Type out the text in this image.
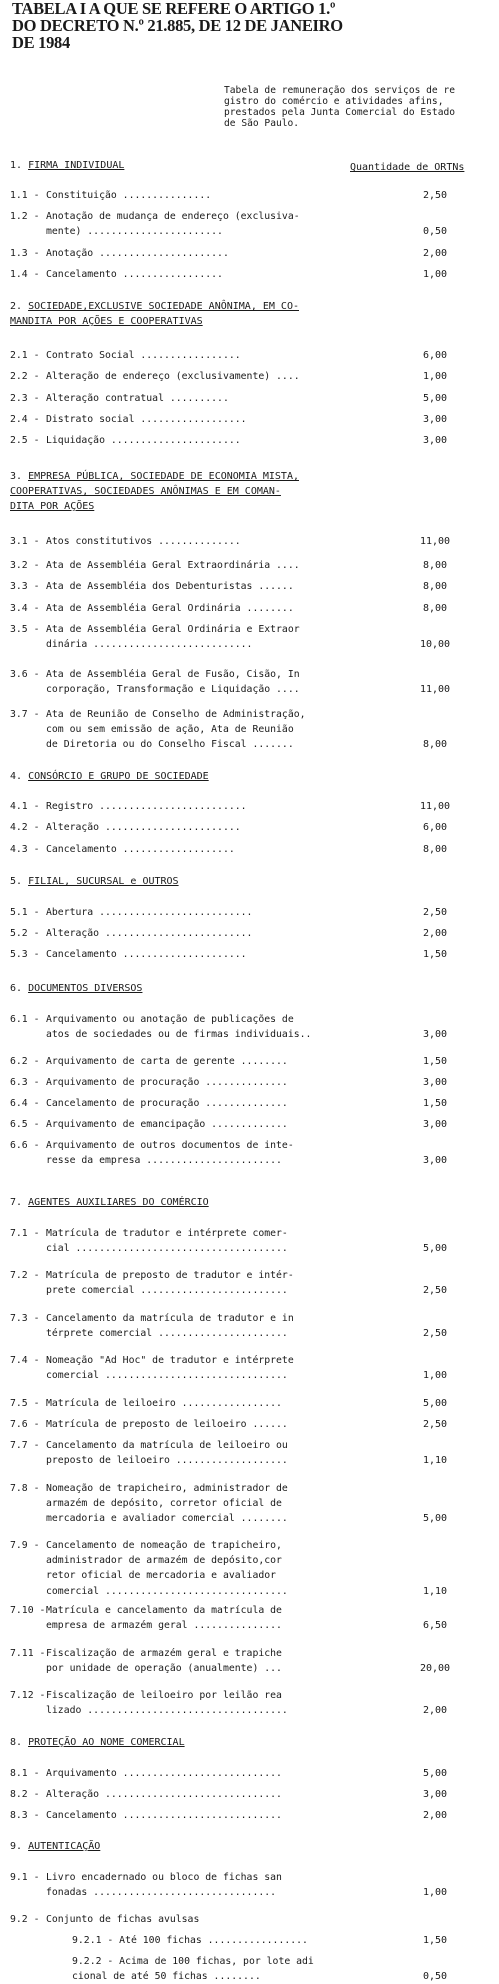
TABELA I A QUE SE REFERE O ARTIGO 1.º
DO DECRETO N.º 21.885, DE 12 DE JANEIRO
DE 1984
Tabela de remuneração dos serviços de re
gistro do comércio e atividades afins,
prestados pela Junta Comercial do Estado
de São Paulo.
Quantidade de ORTNs
1. FIRMA INDIVIDUAL
2. SOCIEDADE,EXCLUSIVE SOCIEDADE ANÔNIMA, EM CO-
MANDITA POR AÇÕES E COOPERATIVAS
3. EMPRESA PÚBLICA, SOCIEDADE DE ECONOMIA MISTA,
COOPERATIVAS, SOCIEDADES ANÔNIMAS E EM COMAN-
DITA POR AÇÕES
4. CONSÓRCIO E GRUPO DE SOCIEDADE
5. FILIAL, SUCURSAL e OUTROS
6. DOCUMENTOS DIVERSOS
7. AGENTES AUXILIARES DO COMÉRCIO
8. PROTEÇÃO AO NOME COMERCIAL
9. AUTENTICAÇÃO
1.1 - Constituição ...............	2,50
1.2 - Anotação de mudança de endereço (exclusiva-
mente) .......................	0,50
1.3 - Anotação ......................	2,00
1.4 - Cancelamento .................	1,00
2.1 - Contrato Social .................	6,00
2.2 - Alteração de endereço (exclusivamente) ....	1,00
2.3 - Alteração contratual ..........	5,00
2.4 - Distrato social ..................	3,00
2.5 - Liquidação ......................	3,00
3.1 - Atos constitutivos ..............	11,00
3.2 - Ata de Assembléia Geral Extraordinária ....	8,00
3.3 - Ata de Assembléia dos Debenturistas ......	8,00
3.4 - Ata de Assembléia Geral Ordinária ........	8,00
3.5 - Ata de Assembléia Geral Ordinária e Extraor
dinária ...........................	10,00
3.6 - Ata de Assembléia Geral de Fusão, Cisão, In
corporação, Transformação e Liquidação ....	11,00
3.7 - Ata de Reunião de Conselho de Administração,
com ou sem emissão de ação, Ata de Reunião
de Diretoria ou do Conselho Fiscal .......	8,00
4.1 - Registro .........................	11,00
4.2 - Alteração .......................	6,00
4.3 - Cancelamento ...................	8,00
5.1 - Abertura ..........................	2,50
5.2 - Alteração .........................	2,00
5.3 - Cancelamento .....................	1,50
6.1 - Arquivamento ou anotação de publicações de
atos de sociedades ou de firmas individuais..	3,00
6.2 - Arquivamento de carta de gerente ........	1,50
6.3 - Arquivamento de procuração ..............	3,00
6.4 - Cancelamento de procuração ..............	1,50
6.5 - Arquivamento de emancipação .............	3,00
6.6 - Arquivamento de outros documentos de inte-
resse da empresa .......................	3,00
7.1 - Matrícula de tradutor e intérprete comer-
cial ....................................	5,00
7.2 - Matrícula de preposto de tradutor e intér-
prete comercial .........................	2,50
7.3 - Cancelamento da matrícula de tradutor e in
térprete comercial ......................	2,50
7.4 - Nomeação "Ad Hoc" de tradutor e intérprete
comercial ...............................	1,00
7.5 - Matrícula de leiloeiro .................	5,00
7.6 - Matrícula de preposto de leiloeiro ......	2,50
7.7 - Cancelamento da matrícula de leiloeiro ou
preposto de leiloeiro ...................	1,10
7.8 - Nomeação de trapicheiro, administrador de
armazém de depósito, corretor oficial de
mercadoria e avaliador comercial ........	5,00
7.9 - Cancelamento de nomeação de trapicheiro,
administrador de armazém de depósito,cor
retor oficial de mercadoria e avaliador
comercial ...............................	1,10
7.10 - Matrícula e cancelamento da matrícula de
empresa de armazém geral ...............	6,50
7.11 - Fiscalização de armazém geral e trapiche
por unidade de operação (anualmente) ...	20,00
7.12 - Fiscalização de leiloeiro por leilão rea
lizado ..................................	2,00
8.1 - Arquivamento ...........................	5,00
8.2 - Alteração ..............................	3,00
8.3 - Cancelamento ...........................	2,00
9.1 - Livro encadernado ou bloco de fichas san
fonadas ...............................	1,00
9.2 - Conjunto de fichas avulsas
9.2.1 - Até 100 fichas .................	1,50
9.2.2 - Acima de 100 fichas, por lote adi
cional de até 50 fichas ........	0,50
